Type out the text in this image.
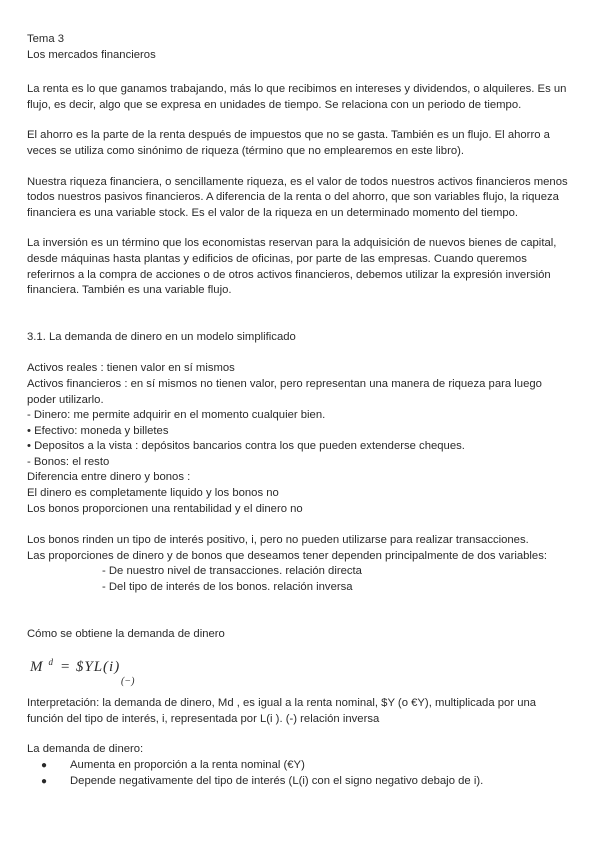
Tema 3

Los mercados financieros

La renta es lo que ganamos trabajando, más lo que recibimos en intereses y dividendos, o alquileres. Es un flujo, es decir, algo que se expresa en unidades de tiempo. Se relaciona con un periodo de tiempo.

El ahorro es la parte de la renta después de impuestos que no se gasta. También es un flujo. El ahorro a veces se utiliza como sinónimo de riqueza (término que no emplearemos en este libro).

Nuestra riqueza financiera, o sencillamente riqueza, es el valor de todos nuestros activos financieros menos todos nuestros pasivos financieros. A diferencia de la renta o del ahorro, que son variables flujo, la riqueza financiera es una variable stock. Es el valor de la riqueza en un determinado momento del tiempo.

La inversión es un término que los economistas reservan para la adquisición de nuevos bienes de capital, desde máquinas hasta plantas y edificios de oficinas, por parte de las empresas. Cuando queremos referirnos a la compra de acciones o de otros activos financieros, debemos utilizar la expresión inversión financiera. También es una variable flujo.

3.1. La demanda de dinero en un modelo simplificado

Activos reales : tienen valor en sí mismos

Activos financieros : en sí mismos no tienen valor, pero representan una manera de riqueza para luego poder utilizarlo.

- Dinero: me permite adquirir en el momento cualquier bien.

• Efectivo: moneda y billetes

• Depositos a la vista : depósitos bancarios contra los que pueden extenderse cheques.

- Bonos: el resto

Diferencia entre dinero y bonos :

El dinero es completamente liquido y los bonos no

Los bonos proporcionen una rentabilidad y el dinero no

Los bonos rinden un tipo de interés positivo, i, pero no pueden utilizarse para realizar transacciones.

Las proporciones de dinero y de bonos que deseamos tener dependen principalmente de dos variables:

- De nuestro nivel de transacciones. relación directa

- Del tipo de interés de los bonos. relación inversa

Cómo se obtiene la demanda de dinero

M $^d$ = $YL(i)
(−)

Interpretación: la demanda de dinero, Md , es igual a la renta nominal, $Y (o €Y), multiplicada por una función del tipo de interés, i, representada por L(i ). (-) relación inversa

La demanda de dinero:

● Aumenta en proporción a la renta nominal (€Y)
● Depende negativamente del tipo de interés (L(i) con el signo negativo debajo de i).
